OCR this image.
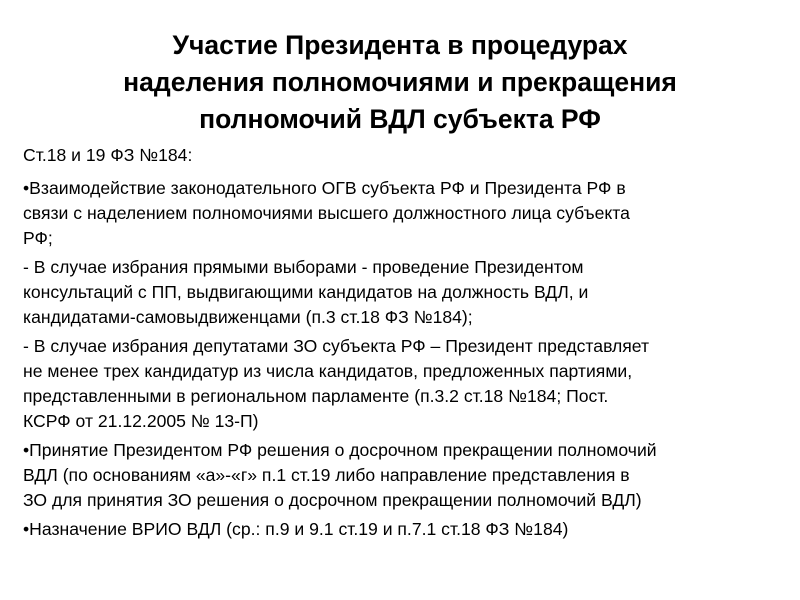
Участие Президента в процедурах
наделения полномочиями и прекращения
полномочий ВДЛ субъекта РФ

Ст.18 и 19 ФЗ №184:

•Взаимодействие законодательного ОГВ субъекта РФ и Президента РФ в
связи с наделением полномочиями высшего должностного лица субъекта
РФ;

- В случае избрания прямыми выборами - проведение Президентом
консультаций с ПП, выдвигающими кандидатов на должность ВДЛ, и
кандидатами-самовыдвиженцами (п.3 ст.18 ФЗ №184);

- В случае избрания депутатами ЗО субъекта РФ – Президент представляет
не менее трех кандидатур из числа кандидатов, предложенных партиями,
представленными в региональном парламенте (п.3.2 ст.18 №184; Пост.
КСРФ от 21.12.2005 № 13-П)

•Принятие Президентом РФ решения о досрочном прекращении полномочий
ВДЛ (по основаниям «а»-«г» п.1 ст.19 либо направление представления в
ЗО для принятия ЗО решения о досрочном прекращении полномочий ВДЛ)

•Назначение ВРИО ВДЛ (ср.: п.9 и 9.1 ст.19 и п.7.1 ст.18 ФЗ №184)
